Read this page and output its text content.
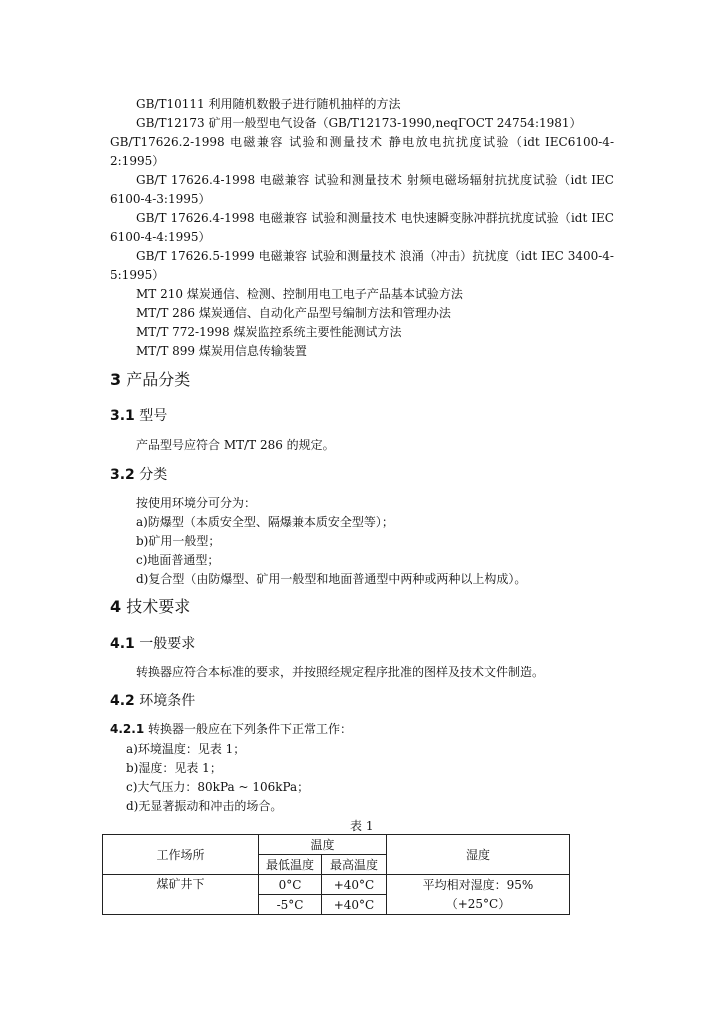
GB/T10111 利用随机数骰子进行随机抽样的方法
GB/T12173 矿用一般型电气设备（GB/T12173-1990,neqГОСТ 24754:1981）
GB/T17626.2-1998 电磁兼容 试验和测量技术 静电放电抗扰度试验（idt IEC6100-4-
2:1995）
GB/T 17626.4-1998 电磁兼容 试验和测量技术 射频电磁场辐射抗扰度试验（idt IEC
6100-4-3:1995）
GB/T 17626.4-1998 电磁兼容 试验和测量技术 电快速瞬变脉冲群抗扰度试验（idt IEC
6100-4-4:1995）
GB/T 17626.5-1999 电磁兼容 试验和测量技术 浪涌（冲击）抗扰度（idt IEC 3400-4-
5:1995）
MT 210 煤炭通信、检测、控制用电工电子产品基本试验方法
MT/T 286 煤炭通信、自动化产品型号编制方法和管理办法
MT/T 772-1998 煤炭监控系统主要性能测试方法
MT/T 899 煤炭用信息传输装置
3 产品分类
3.1 型号
产品型号应符合 MT/T 286 的规定。
3.2 分类
按使用环境分可分为：
a)防爆型（本质安全型、隔爆兼本质安全型等）；
b)矿用一般型；
c)地面普通型；
d)复合型（由防爆型、矿用一般型和地面普通型中两种或两种以上构成）。
4 技术要求
4.1 一般要求
转换器应符合本标准的要求，并按照经规定程序批准的图样及技术文件制造。
4.2 环境条件
4.2.1 转换器一般应在下列条件下正常工作：
a)环境温度：见表 1；
b)湿度：见表 1；
c)大气压力：80kPa ~ 106kPa；
d)无显著振动和冲击的场合。
表 1
工作场所	温度		湿度
	最低温度	最高温度	
煤矿井下	0°C	+40°C	平均相对湿度：95%
（+25°C）
	-5°C	+40°C	
